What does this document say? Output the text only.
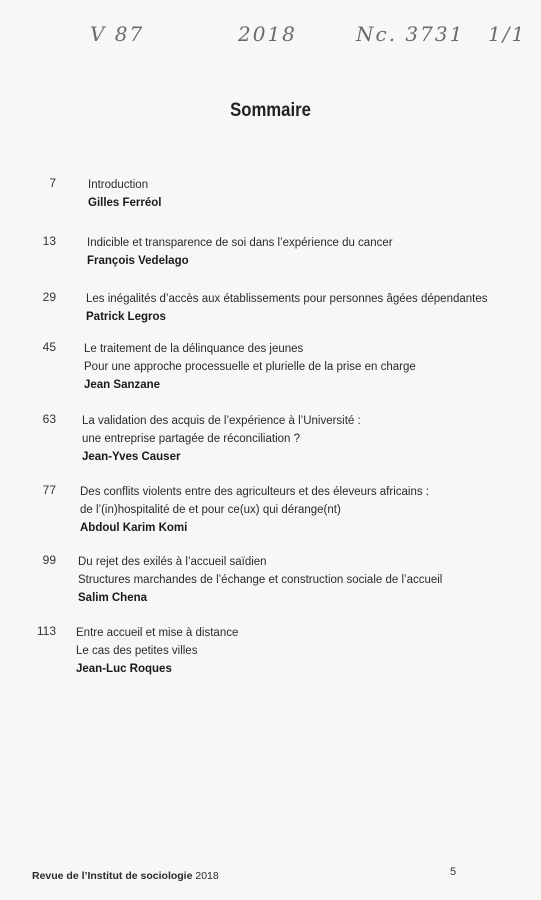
V 87	2018	Nc. 3731 1/1
Sommaire
7	Introduction
Gilles Ferréol
13	Indicible et transparence de soi dans l’expérience du cancer
François Vedelago
29	Les inégalités d’accès aux établissements pour personnes âgées dépendantes
Patrick Legros
45 Le traitement de la délinquance des jeunes
Pour une approche processuelle et plurielle de la prise en charge
Jean Sanzane
63 La validation des acquis de l’expérience à l’Université :
une entreprise partagée de réconciliation ?
Jean-Yves Causer
77 Des conflits violents entre des agriculteurs et des éleveurs africains :
de l’(in)hospitalité de et pour ce(ux) qui dérange(nt)
Abdoul Karim Komi
99 Du rejet des exilés à l’accueil saïdien
Structures marchandes de l’échange et construction sociale de l’accueil
Salim Chena
113 Entre accueil et mise à distance
Le cas des petites villes
Jean-Luc Roques
Revue de l’Institut de sociologie 2018	5
